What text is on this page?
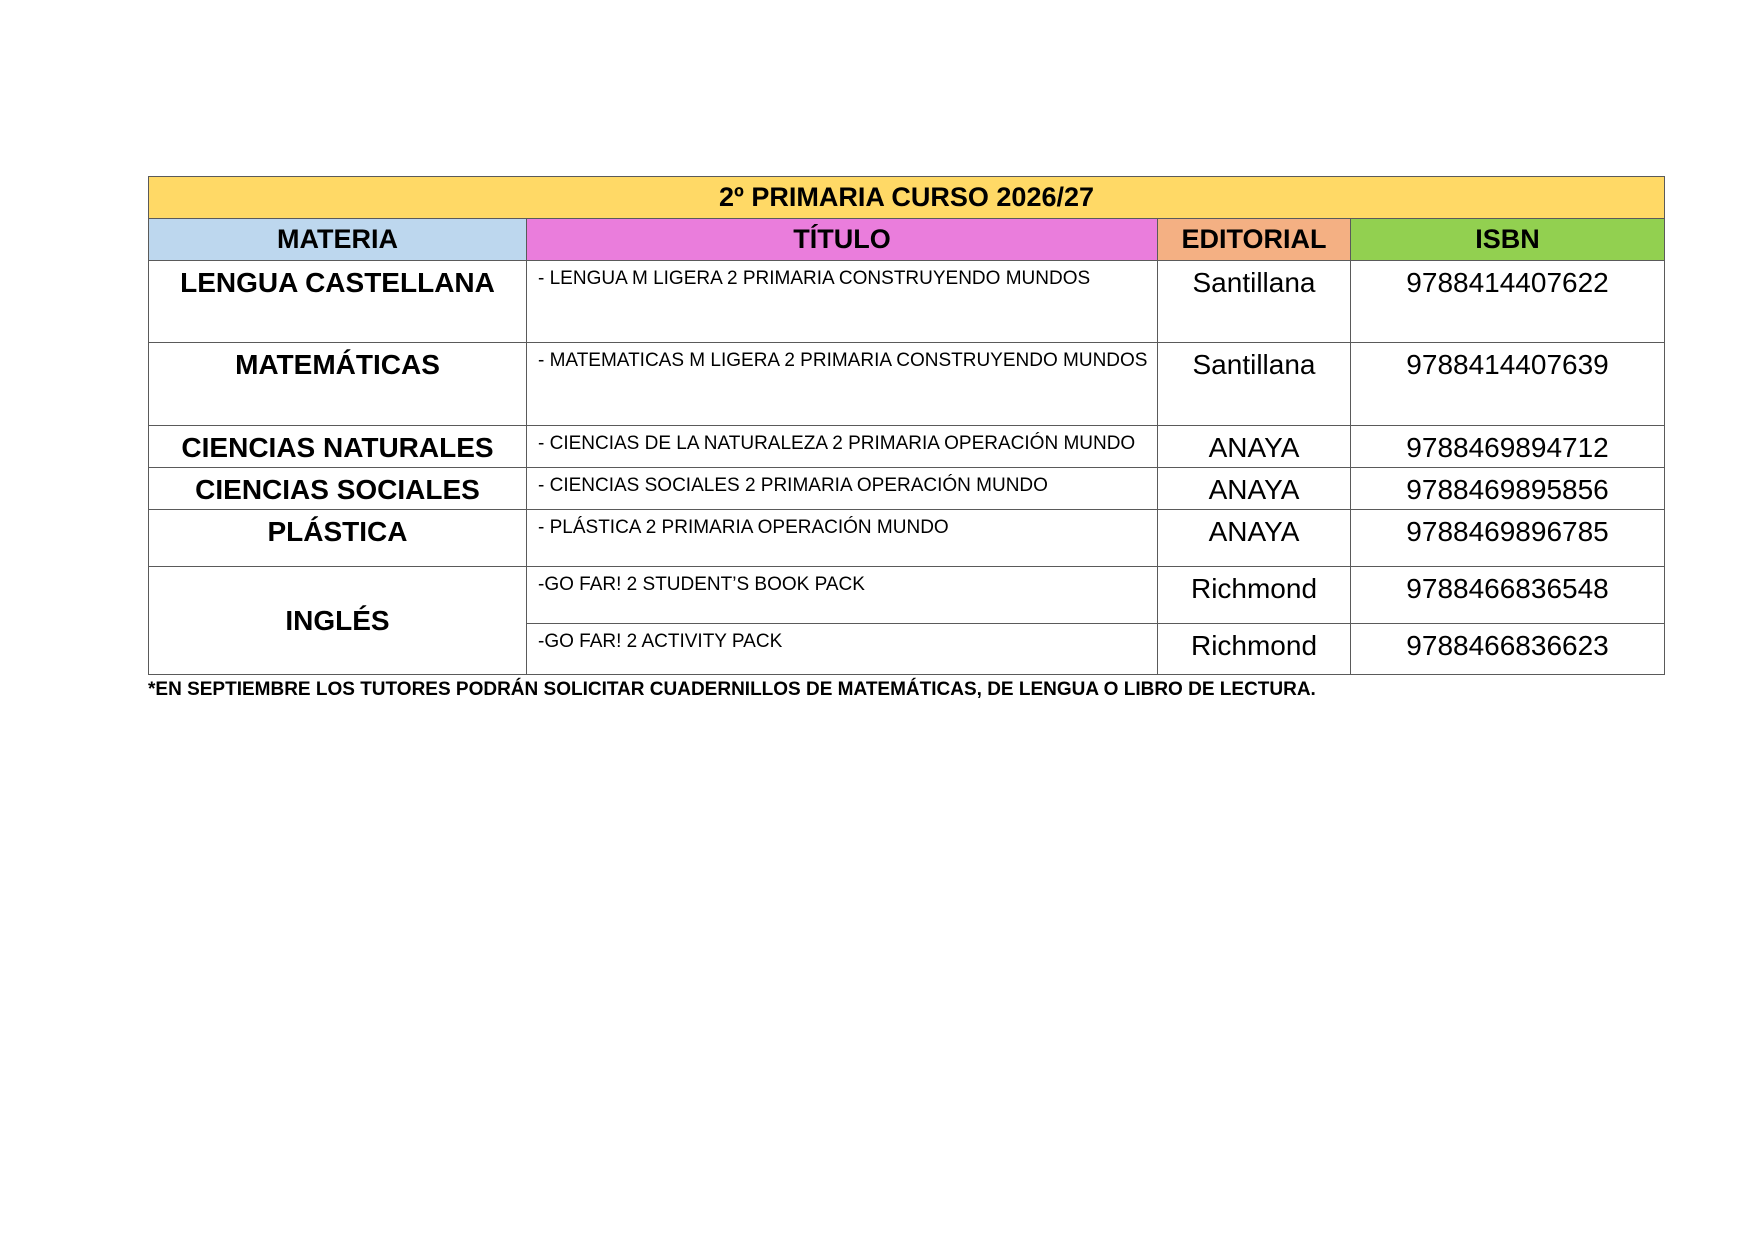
2º PRIMARIA CURSO 2026/27			
MATERIA	TÍTULO	EDITORIAL	ISBN
LENGUA CASTELLANA	- LENGUA M LIGERA 2 PRIMARIA CONSTRUYENDO MUNDOS	Santillana	9788414407622
MATEMÁTICAS	- MATEMATICAS M LIGERA 2 PRIMARIA CONSTRUYENDO MUNDOS	Santillana	9788414407639
CIENCIAS NATURALES	- CIENCIAS DE LA NATURALEZA 2 PRIMARIA OPERACIÓN MUNDO	ANAYA	9788469894712
CIENCIAS SOCIALES	- CIENCIAS SOCIALES 2 PRIMARIA OPERACIÓN MUNDO	ANAYA	9788469895856
PLÁSTICA	- PLÁSTICA 2 PRIMARIA OPERACIÓN MUNDO	ANAYA	9788469896785
INGLÉS	-GO FAR! 2 STUDENT’S BOOK PACK	Richmond	9788466836548
	-GO FAR! 2 ACTIVITY PACK	Richmond	9788466836623
*EN SEPTIEMBRE LOS TUTORES PODRÁN SOLICITAR CUADERNILLOS DE MATEMÁTICAS, DE LENGUA O LIBRO DE LECTURA.
